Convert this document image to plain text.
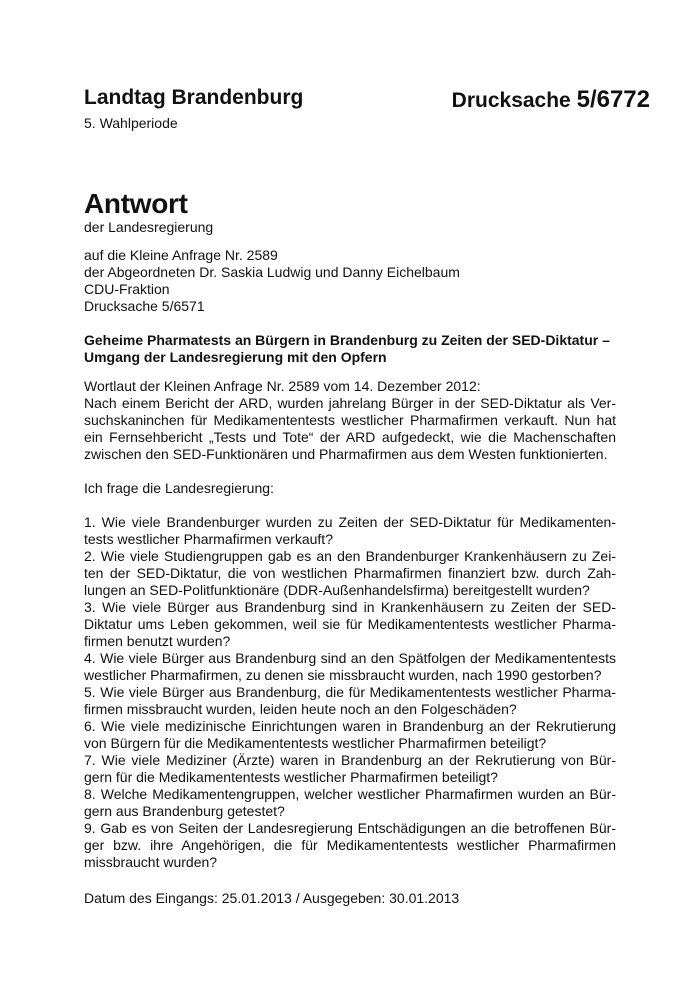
Landtag Brandenburg	Drucksache 5/6772
5. Wahlperiode
Antwort
der Landesregierung
auf die Kleine Anfrage Nr. 2589
der Abgeordneten Dr. Saskia Ludwig und Danny Eichelbaum
CDU-Fraktion
Drucksache 5/6571
Geheime Pharmatests an Bürgern in Brandenburg zu Zeiten der SED-Diktatur –
Umgang der Landesregierung mit den Opfern
Wortlaut der Kleinen Anfrage Nr. 2589 vom 14. Dezember 2012:
Nach einem Bericht der ARD, wurden jahrelang Bürger in der SED-Diktatur als Ver-
suchskaninchen für Medikamententests westlicher Pharmafirmen verkauft. Nun hat
ein Fernsehbericht „Tests und Tote“ der ARD aufgedeckt, wie die Machenschaften
zwischen den SED-Funktionären und Pharmafirmen aus dem Westen funktionierten.
Ich frage die Landesregierung:
1. Wie viele Brandenburger wurden zu Zeiten der SED-Diktatur für Medikamenten-
tests westlicher Pharmafirmen verkauft?
2. Wie viele Studiengruppen gab es an den Brandenburger Krankenhäusern zu Zei-
ten der SED-Diktatur, die von westlichen Pharmafirmen finanziert bzw. durch Zah-
lungen an SED-Politfunktionäre (DDR-Außenhandelsfirma) bereitgestellt wurden?
3. Wie viele Bürger aus Brandenburg sind in Krankenhäusern zu Zeiten der SED-
Diktatur ums Leben gekommen, weil sie für Medikamententests westlicher Pharma-
firmen benutzt wurden?
4. Wie viele Bürger aus Brandenburg sind an den Spätfolgen der Medikamententests
westlicher Pharmafirmen, zu denen sie missbraucht wurden, nach 1990 gestorben?
5. Wie viele Bürger aus Brandenburg, die für Medikamententests westlicher Pharma-
firmen missbraucht wurden, leiden heute noch an den Folgeschäden?
6. Wie viele medizinische Einrichtungen waren in Brandenburg an der Rekrutierung
von Bürgern für die Medikamententests westlicher Pharmafirmen beteiligt?
7. Wie viele Mediziner (Ärzte) waren in Brandenburg an der Rekrutierung von Bür-
gern für die Medikamententests westlicher Pharmafirmen beteiligt?
8. Welche Medikamentengruppen, welcher westlicher Pharmafirmen wurden an Bür-
gern aus Brandenburg getestet?
9. Gab es von Seiten der Landesregierung Entschädigungen an die betroffenen Bür-
ger bzw. ihre Angehörigen, die für Medikamententests westlicher Pharmafirmen
missbraucht wurden?
Datum des Eingangs: 25.01.2013 / Ausgegeben: 30.01.2013
